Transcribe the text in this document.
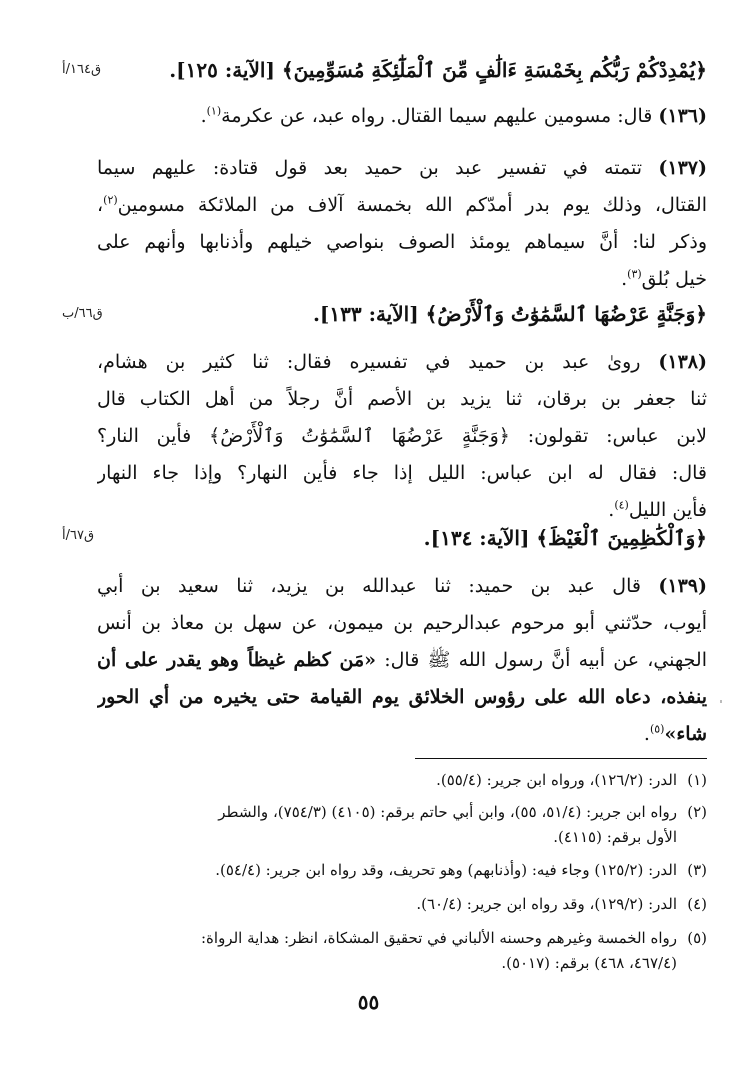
ق١٦٤/أ
ق٦٦/ب
ق٦٧/أ
﴿يُمْدِدْكُمْ رَبُّكُم بِخَمْسَةِ ءَالَٰفٍ مِّنَ ٱلْمَلَٰٓئِكَةِ مُسَوِّمِينَ﴾ [الآية: ١٢٥].
(١٣٦) قال: مسومين عليهم سيما القتال. رواه عبد، عن عكرمة$^{(١)}$.
(١٣٧) تتمته في تفسير عبد بن حميد بعد قول قتادة: عليهم سيما
القتال، وذلك يوم بدر أمدّكم الله بخمسة آلاف من الملائكة مسومين$^{(٢)}$،
وذكر لنا: أنَّ سيماهم يومئذ الصوف بنواصي خيلهم وأذنابها وأنهم على
خيل بُلق$^{(٣)}$.
﴿وَجَنَّةٍ عَرْضُهَا ٱلسَّمَٰوَٰتُ وَٱلْأَرْضُ﴾ [الآية: ١٣٣].
(١٣٨) روىٰ عبد بن حميد في تفسيره فقال: ثنا كثير بن هشام،
ثنا جعفر بن برقان، ثنا يزيد بن الأصم أنَّ رجلاً من أهل الكتاب قال
لابن عباس: تقولون: ﴿وَجَنَّةٍ عَرْضُهَا ٱلسَّمَٰوَٰتُ وَٱلْأَرْضُ﴾ فأين النار؟
قال: فقال له ابن عباس: الليل إذا جاء فأين النهار؟ وإذا جاء النهار
فأين الليل$^{(٤)}$.
﴿وَٱلْكَٰظِمِينَ ٱلْغَيْظَ﴾ [الآية: ١٣٤].
(١٣٩) قال عبد بن حميد: ثنا عبدالله بن يزيد، ثنا سعيد بن أبي
أيوب، حدّثني أبو مرحوم عبدالرحيم بن ميمون، عن سهل بن معاذ بن أنس
الجهني، عن أبيه أنَّ رسول الله ﷺ قال: «مَن كظم غيظاً وهو يقدر على أن
ينفذه، دعاه الله على رؤوس الخلائق يوم القيامة حتى يخيره من أي الحور
شاء»$^{(٥)}$.
(١)الدر: (١٢٦/٢)، ورواه ابن جرير: (٥٥/٤).
(٢)رواه ابن جرير: (٥١/٤، ٥٥)، وابن أبي حاتم برقم: (٤١٠٥) (٧٥٤/٣)، والشطر
الأول برقم: (٤١١٥).
(٣)الدر: (١٢٥/٢) وجاء فيه: (وأذنابهم) وهو تحريف، وقد رواه ابن جرير: (٥٤/٤).
(٤)الدر: (١٢٩/٢)، وقد رواه ابن جرير: (٦٠/٤).
(٥)رواه الخمسة وغيرهم وحسنه الألباني في تحقيق المشكاة، انظر: هداية الرواة:
(٤٦٧/٤، ٤٦٨) برقم: (٥٠١٧).
٥٥
